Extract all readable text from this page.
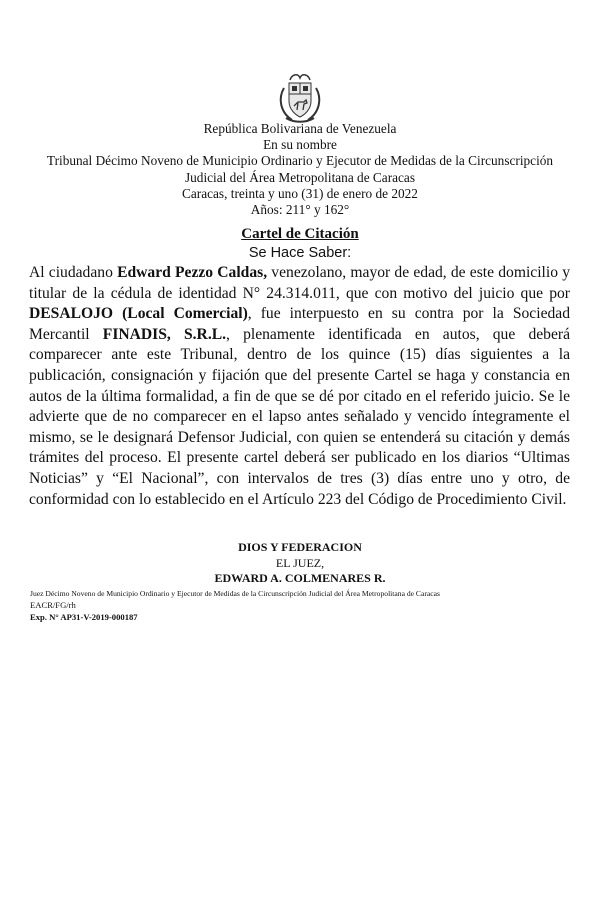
República Bolivariana de Venezuela
En su nombre
Tribunal Décimo Noveno de Municipio Ordinario y Ejecutor de Medidas de la Circunscripción
Judicial del Área Metropolitana de Caracas
Caracas, treinta y uno (31) de enero de 2022
Años: 211° y 162°
Cartel de Citación
Se Hace Saber:
Al ciudadano Edward Pezzo Caldas, venezolano, mayor de edad, de este domicilio y titular de la cédula de identidad N° 24.314.011, que con motivo del juicio que por DESALOJO (Local Comercial), fue interpuesto en su contra por la Sociedad Mercantil FINADIS, S.R.L., plenamente identificada en autos, que deberá comparecer ante este Tribunal, dentro de los quince (15) días siguientes a la publicación, consignación y fijación que del presente Cartel se haga y constancia en autos de la última formalidad, a fin de que se dé por citado en el referido juicio. Se le advierte que de no comparecer en el lapso antes señalado y vencido íntegramente el mismo, se le designará Defensor Judicial, con quien se entenderá su citación y demás trámites del proceso. El presente cartel deberá ser publicado en los diarios “Ultimas Noticias” y “El Nacional”, con intervalos de tres (3) días entre uno y otro, de conformidad con lo establecido en el Artículo 223 del Código de Procedimiento Civil.
DIOS Y FEDERACION
EL JUEZ,
EDWARD A. COLMENARES R.
Juez Décimo Noveno de Municipio Ordinario y Ejecutor de Medidas de la Circunscripción Judicial del Área Metropolitana de Caracas
EACR/FG/rh
Exp. N° AP31-V-2019-000187
